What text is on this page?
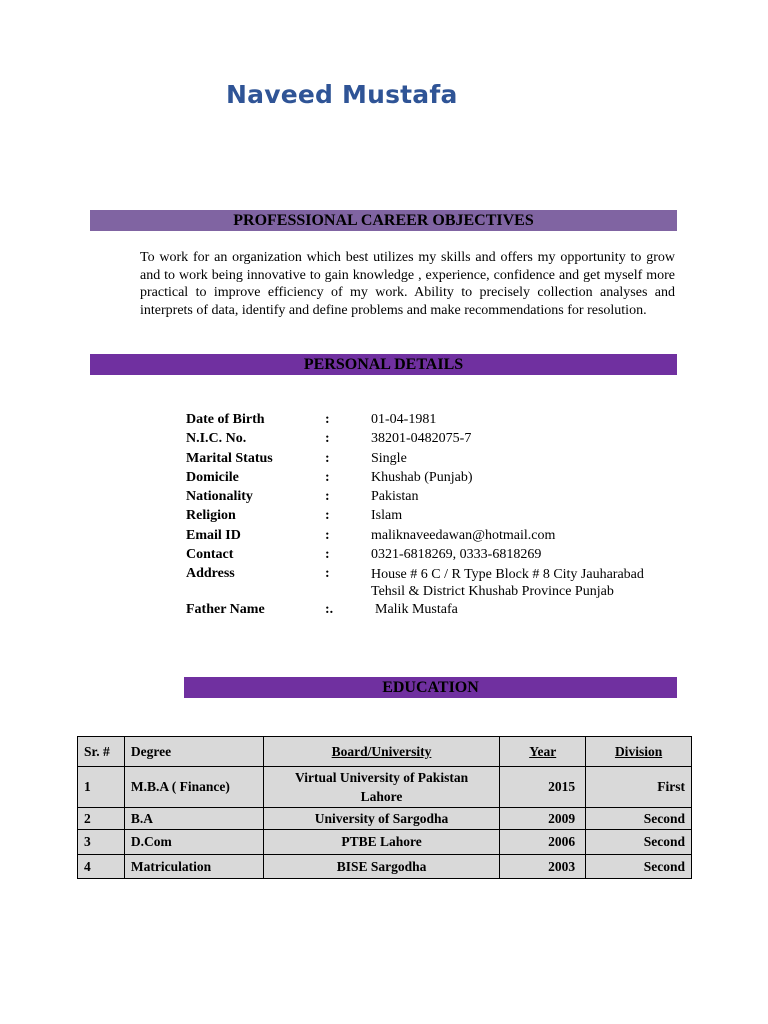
Naveed Mustafa
PROFESSIONAL CAREER OBJECTIVES
To work for an organization which best utilizes my skills and offers my opportunity to grow and to work being innovative to gain knowledge , experience, confidence and get myself more practical to improve efficiency of my work. Ability to precisely collection analyses and interprets of data, identify and define problems and make recommendations for resolution.
PERSONAL DETAILS
Date of Birth	:	01-04-1981
N.I.C. No.	:	38201-0482075-7
Marital Status	:	Single
Domicile	:	Khushab (Punjab)
Nationality	:	Pakistan
Religion	:	Islam
Email ID	:	maliknaveedawan@hotmail.com
Contact	:	0321-6818269, 0333-6818269
Address	:	House # 6 C / R Type Block # 8 City Jauharabad
Tehsil & District Khushab Province Punjab
Father Name	:.	Malik Mustafa
EDUCATION
Sr. #	Degree	Board/University	Year	Division
1	M.B.A ( Finance)	Virtual University of Pakistan Lahore	2015	First
2	B.A	University of Sargodha	2009	Second
3	D.Com	PTBE Lahore	2006	Second
4	Matriculation	BISE Sargodha	2003	Second
